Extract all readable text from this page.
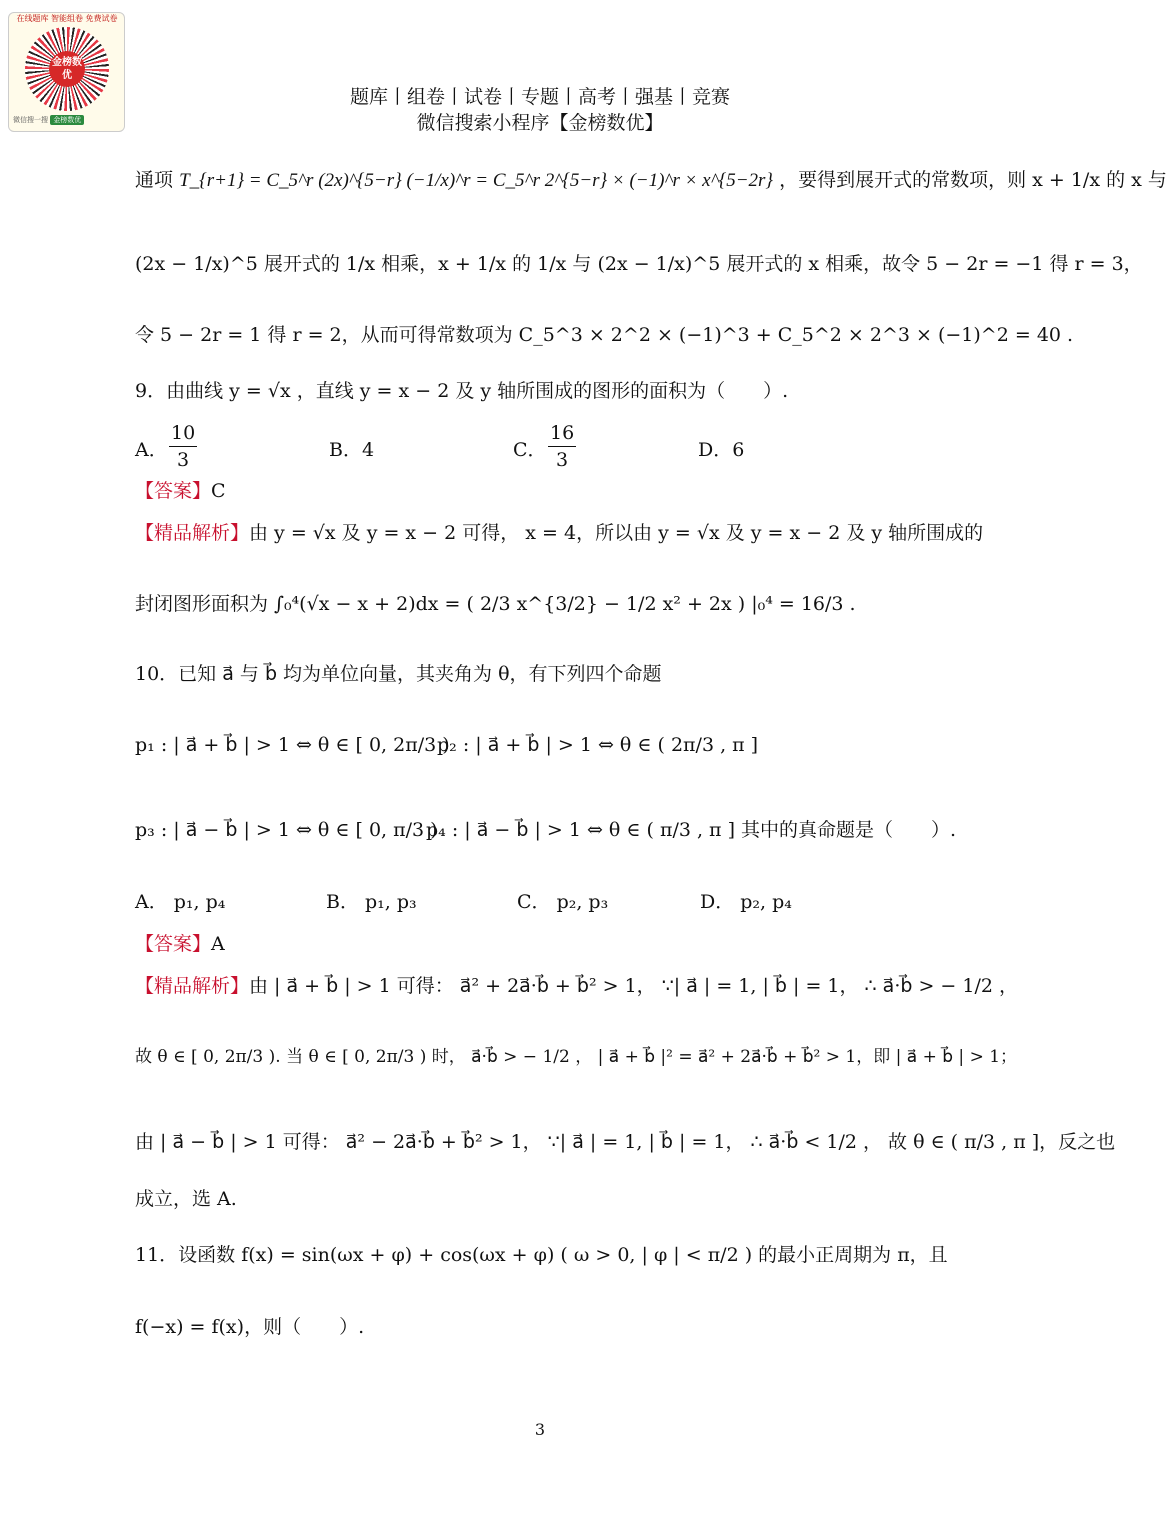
在线题库 智能组卷 免费试卷
金榜数优
微信搜一搜 金榜数优
题库丨组卷丨试卷丨专题丨高考丨强基丨竞赛
微信搜索小程序【金榜数优】
通项 T_{r+1} = C_5^r (2x)^{5−r} (−1/x)^r = C_5^r 2^{5−r} × (−1)^r × x^{5−2r} ，要得到展开式的常数项，则 x + 1/x 的 x 与
(2x − 1/x)^5 展开式的 1/x 相乘，x + 1/x 的 1/x 与 (2x − 1/x)^5 展开式的 x 相乘，故令 5 − 2r = −1 得 r = 3，
令 5 − 2r = 1 得 r = 2，从而可得常数项为 C_5^3 × 2^2 × (−1)^3 + C_5^2 × 2^3 × (−1)^2 = 40 .
9．由曲线 y = √x ，直线 y = x − 2 及 y 轴所围成的图形的面积为（　　）.
A． $\frac{10}{3}$	B．4	C． $\frac{16}{3}$	D．6
【答案】C
【精品解析】由 y = √x 及 y = x − 2 可得， x = 4，所以由 y = √x 及 y = x − 2 及 y 轴所围成的
封闭图形面积为 ∫₀⁴(√x − x + 2)dx = ( 2/3 x^{3/2} − 1/2 x² + 2x ) |₀⁴ = 16/3 .
10．已知 a⃗ 与 b⃗ 均为单位向量，其夹角为 θ，有下列四个命题
p₁ : | a⃗ + b⃗ | > 1 ⇔ θ ∈ [ 0, 2π/3 )
p₂ : | a⃗ + b⃗ | > 1 ⇔ θ ∈ ( 2π/3 , π ]
p₃ : | a⃗ − b⃗ | > 1 ⇔ θ ∈ [ 0, π/3 )
p₄ : | a⃗ − b⃗ | > 1 ⇔ θ ∈ ( π/3 , π ] 其中的真命题是（　　）.
A． p₁, p₄	B． p₁, p₃	C． p₂, p₃	D． p₂, p₄
【答案】A
【精品解析】由 | a⃗ + b⃗ | > 1 可得： a⃗² + 2a⃗·b⃗ + b⃗² > 1， ∵| a⃗ | = 1, | b⃗ | = 1， ∴ a⃗·b⃗ > − 1/2 ，
故 θ ∈ [ 0, 2π/3 ). 当 θ ∈ [ 0, 2π/3 ) 时， a⃗·b⃗ > − 1/2 ， | a⃗ + b⃗ |² = a⃗² + 2a⃗·b⃗ + b⃗² > 1，即 | a⃗ + b⃗ | > 1；
由 | a⃗ − b⃗ | > 1 可得： a⃗² − 2a⃗·b⃗ + b⃗² > 1， ∵| a⃗ | = 1, | b⃗ | = 1， ∴ a⃗·b⃗ < 1/2 ， 故 θ ∈ ( π/3 , π ]，反之也
成立，选 A.
11．设函数 f(x) = sin(ωx + φ) + cos(ωx + φ) ( ω > 0, | φ | < π/2 ) 的最小正周期为 π，且
f(−x) = f(x)，则（　　）.
3
